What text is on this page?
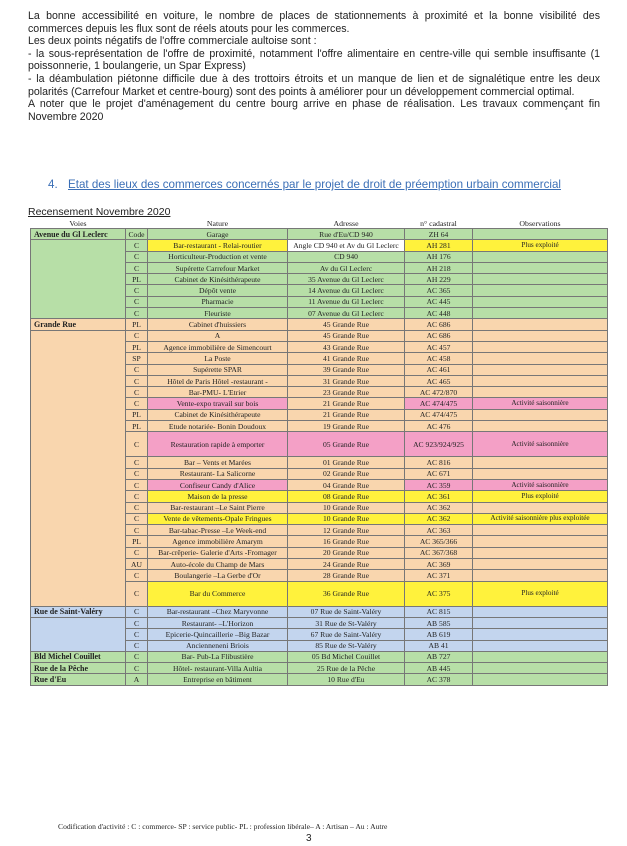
La bonne accessibilité en voiture, le nombre de places de stationnements à proximité et la bonne visibilité des commerces depuis les flux sont de réels atouts pour les commerces.

Les deux points négatifs de l'offre commerciale aultoise sont :

- la sous-représentation de l'offre de proximité, notamment l'offre alimentaire en centre-ville qui semble insuffisante (1 poissonnerie, 1 boulangerie, un Spar Express)

- la déambulation piétonne difficile due à des trottoirs étroits et un manque de lien et de signalétique entre les deux polarités (Carrefour Market et centre-bourg) sont des points à améliorer pour un développement commercial optimal.

A noter que le projet d'aménagement du centre bourg arrive en phase de réalisation. Les travaux commençant fin Novembre 2020

4. Etat des lieux des commerces concernés par le projet de droit de préemption urbain commercial
Recensement Novembre 2020
Voies		Nature	Adresse	n° cadastral	Observations
Avenue du Gl Leclerc	Code	Garage	Rue d'Eu/CD 940	ZH 64	
	C	Bar-restaurant - Relai-routier	Angle CD 940 et Av du Gl Leclerc	AH 281	Plus exploité
	C	Horticulteur-Production et vente	CD 940	AH 176	
	C	Supérette Carrefour Market	Av du Gl Leclerc	AH 218	
	PL	Cabinet de Kinésithérapeute	35 Avenue du Gl Leclerc	AH 229	
	C	Dépôt vente	14 Avenue du Gl Leclerc	AC 365	
	C	Pharmacie	11 Avenue du Gl Leclerc	AC 445	
	C	Fleuriste	07 Avenue du Gl Leclerc	AC 448	
Grande Rue	PL	Cabinet d'huissiers	45 Grande Rue	AC 686	
	C	A	45 Grande Rue	AC 686	
	PL	Agence immobilière de Simencourt	43 Grande Rue	AC 457	
	SP	La Poste	41 Grande Rue	AC 458	
	C	Supérette SPAR	39 Grande Rue	AC 461	
	C	Hôtel de Paris Hôtel -restaurant -	31 Grande Rue	AC 465	
	C	Bar-PMU- L'Etrier	23 Grande Rue	AC 472/870	
	C	Vente-expo travail sur bois	21 Grande Rue	AC 474/475	Activité saisonnière
	PL	Cabinet de Kinésithérapeute	21 Grande Rue	AC 474/475	
	PL	Etude notariée- Bonin Doudoux	19 Grande Rue	AC 476	
	C	Restauration rapide à emporter	05 Grande Rue	AC 923/924/925	Activité saisonnière
	C	Bar – Vents et Marées	01 Grande Rue	AC 816	
	C	Restaurant- La Salicorne	02 Grande Rue	AC 671	
	C	Confiseur Candy d'Alice	04 Grande Rue	AC 359	Activité saisonnière
	C	Maison de la presse	08 Grande Rue	AC 361	Plus exploité
	C	Bar-restaurant –Le Saint Pierre	10 Grande Rue	AC 362	
	C	Vente de vêtements-Opale Fringues	10 Grande Rue	AC 362	Activité saisonnière plus exploitée
	C	Bar-tabac-Presse –Le Week-end	12 Grande Rue	AC 363	
	PL	Agence immobilière Amarym	16 Grande Rue	AC 365/366	
	C	Bar-crêperie- Galerie d'Arts -Fromager	20 Grande Rue	AC 367/368	
	AU	Auto-école du Champ de Mars	24 Grande Rue	AC 369	
	C	Boulangerie –La Gerbe d'Or	28 Grande Rue	AC 371	
	C	Bar du Commerce	36 Grande Rue	AC 375	Plus exploité
Rue de Saint-Valéry	C	Bar-restaurant –Chez Maryvonne	07 Rue de Saint-Valéry	AC 815	
	C	Restaurant- –L'Horizon	31 Rue de St-Valéry	AB 585	
	C	Epicerie-Quincaillerie –Big Bazar	67 Rue de Saint-Valéry	AB 619	
	C	Ancienneneni Briois	85 Rue de St-Valéry	AB 41	
Bld Michel Couillet	C	Bar- Pub-La Flibustière	05 Bd Michel Couillet	AB 727	
Rue de la Pêche	C	Hôtel- restaurant-Villa Aultia	25 Rue de la Pêche	AB 445	
Rue d'Eu	A	Entreprise en bâtiment	10 Rue d'Eu	AC 378	
Codification d'activité : C : commerce- SP : service public- PL : profession libérale– A : Artisan – Au : Autre
3
